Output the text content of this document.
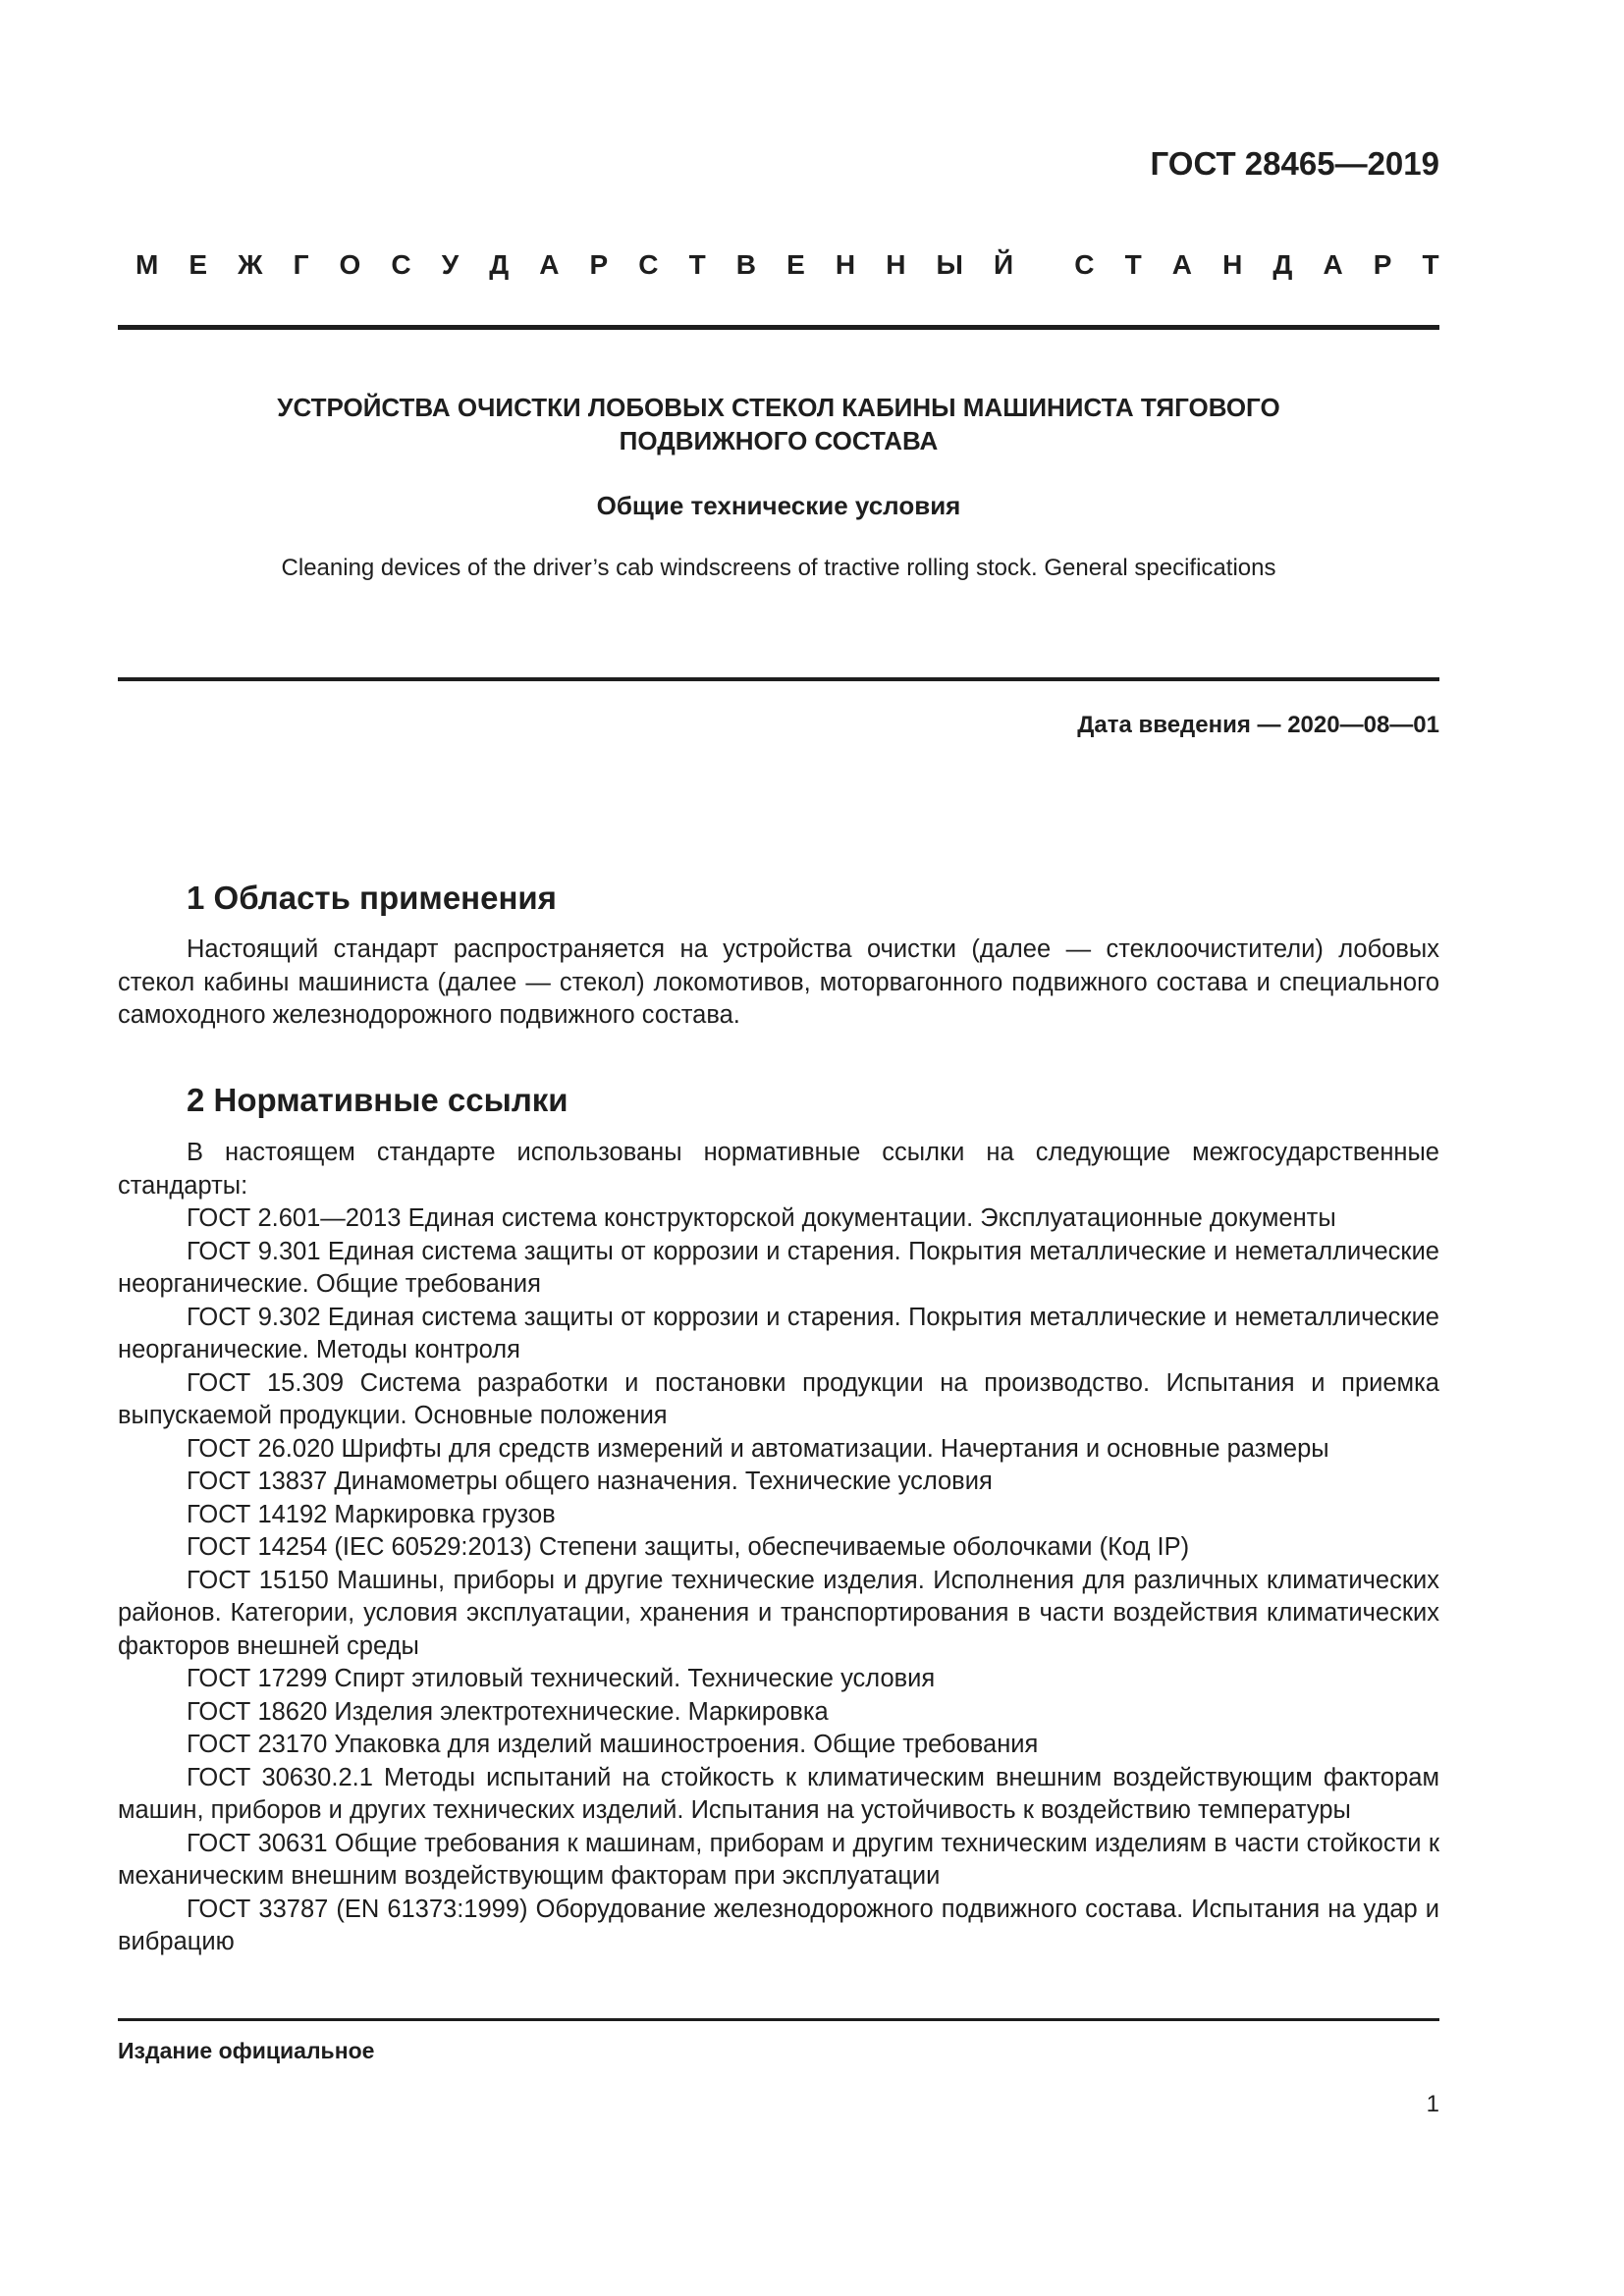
ГОСТ 28465—2019
М Е Ж Г О С У Д А Р С Т В Е Н Н Ы Й С Т А Н Д А Р Т
УСТРОЙСТВА ОЧИСТКИ ЛОБОВЫХ СТЕКОЛ КАБИНЫ МАШИНИСТА ТЯГОВОГО
ПОДВИЖНОГО СОСТАВА
Общие технические условия
Cleaning devices of the driver’s cab windscreens of tractive rolling stock. General specifications
Дата введения — 2020—08—01
1 Область применения
Настоящий стандарт распространяется на устройства очистки (далее — стеклоочистители) лобовых стекол кабины машиниста (далее — стекол) локомотивов, моторвагонного подвижного состава и специального самоходного железнодорожного подвижного состава.
2 Нормативные ссылки
В настоящем стандарте использованы нормативные ссылки на следующие межгосударственные стандарты:
ГОСТ 2.601—2013 Единая система конструкторской документации. Эксплуатационные документы
ГОСТ 9.301 Единая система защиты от коррозии и старения. Покрытия металлические и неметаллические неорганические. Общие требования
ГОСТ 9.302 Единая система защиты от коррозии и старения. Покрытия металлические и неметаллические неорганические. Методы контроля
ГОСТ 15.309 Система разработки и постановки продукции на производство. Испытания и приемка выпускаемой продукции. Основные положения
ГОСТ 26.020 Шрифты для средств измерений и автоматизации. Начертания и основные размеры
ГОСТ 13837 Динамометры общего назначения. Технические условия
ГОСТ 14192 Маркировка грузов
ГОСТ 14254 (IEC 60529:2013) Степени защиты, обеспечиваемые оболочками (Код IP)
ГОСТ 15150 Машины, приборы и другие технические изделия. Исполнения для различных климатических районов. Категории, условия эксплуатации, хранения и транспортирования в части воздействия климатических факторов внешней среды
ГОСТ 17299 Спирт этиловый технический. Технические условия
ГОСТ 18620 Изделия электротехнические. Маркировка
ГОСТ 23170 Упаковка для изделий машиностроения. Общие требования
ГОСТ 30630.2.1 Методы испытаний на стойкость к климатическим внешним воздействующим факторам машин, приборов и других технических изделий. Испытания на устойчивость к воздействию температуры
ГОСТ 30631 Общие требования к машинам, приборам и другим техническим изделиям в части стойкости к механическим внешним воздействующим факторам при эксплуатации
ГОСТ 33787 (EN 61373:1999) Оборудование железнодорожного подвижного состава. Испытания на удар и вибрацию
Издание официальное
1
